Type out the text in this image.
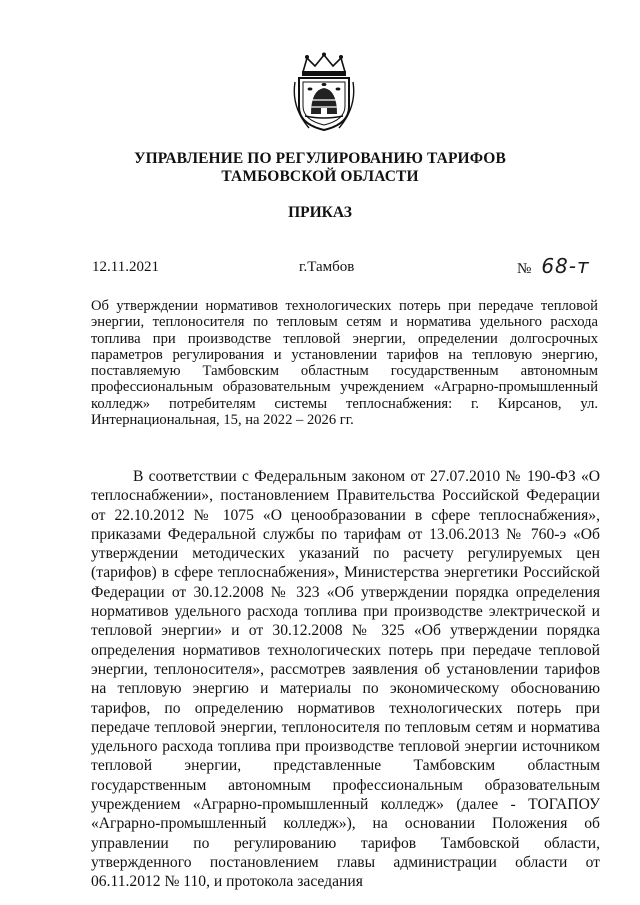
УПРАВЛЕНИЕ ПО РЕГУЛИРОВАНИЮ ТАРИФОВ
ТАМБОВСКОЙ ОБЛАСТИ
ПРИКАЗ
12.11.2021	г.Тамбов	№ 68-т
Об утверждении нормативов технологических потерь при передаче тепловой энергии, теплоносителя по тепловым сетям и норматива удельного расхода топлива при производстве тепловой энергии, определении долгосрочных параметров регулирования и установлении тарифов на тепловую энергию, поставляемую Тамбовским областным государственным автономным профессиональным образовательным учреждением «Аграрно-промышленный колледж» потребителям системы теплоснабжения: г. Кирсанов, ул. Интернациональная, 15, на 2022 – 2026 гг.
В соответствии с Федеральным законом от 27.07.2010 № 190-ФЗ «О теплоснабжении», постановлением Правительства Российской Федерации от 22.10.2012 № 1075 «О ценообразовании в сфере теплоснабжения», приказами Федеральной службы по тарифам от 13.06.2013 № 760-э «Об утверждении методических указаний по расчету регулируемых цен (тарифов) в сфере теплоснабжения», Министерства энергетики Российской Федерации от 30.12.2008 № 323 «Об утверждении порядка определения нормативов удельного расхода топлива при производстве электрической и тепловой энергии» и от 30.12.2008 № 325 «Об утверждении порядка определения нормативов технологических потерь при передаче тепловой энергии, теплоносителя», рассмотрев заявления об установлении тарифов на тепловую энергию и материалы по экономическому обоснованию тарифов, по определению нормативов технологических потерь при передаче тепловой энергии, теплоносителя по тепловым сетям и норматива удельного расхода топлива при производстве тепловой энергии источником тепловой энергии, представленные Тамбовским областным государственным автономным профессиональным образовательным учреждением «Аграрно-промышленный колледж» (далее - ТОГАПОУ «Аграрно-промышленный колледж»), на основании Положения об управлении по регулированию тарифов Тамбовской области, утвержденного постановлением главы администрации области от 06.11.2012 № 110, и протокола заседания
